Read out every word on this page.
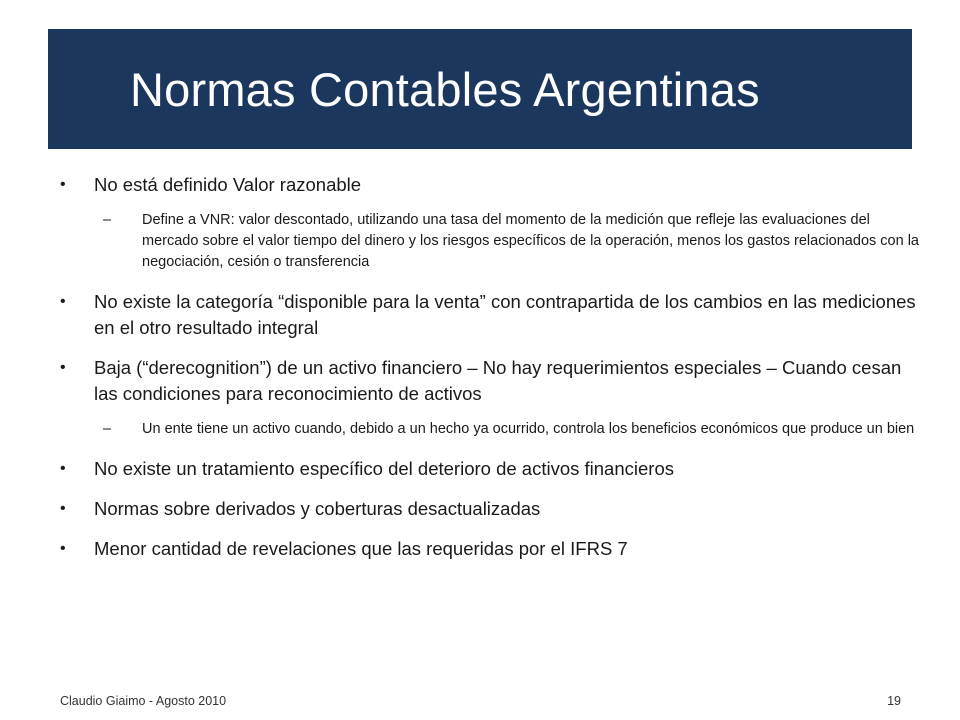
Normas Contables Argentinas
• No está definido Valor razonable
– Define a VNR: valor descontado, utilizando una tasa del momento de la medición que refleje las evaluaciones del mercado sobre el valor tiempo del dinero y los riesgos específicos de la operación, menos los gastos relacionados con la negociación, cesión o transferencia
• No existe la categoría “disponible para la venta” con contrapartida de los cambios en las mediciones en el otro resultado integral
• Baja (“derecognition”) de un activo financiero – No hay requerimientos especiales – Cuando cesan las condiciones para reconocimiento de activos
– Un ente tiene un activo cuando, debido a un hecho ya ocurrido, controla los beneficios económicos que produce un bien
• No existe un tratamiento específico del deterioro de activos financieros
• Normas sobre derivados y coberturas desactualizadas
• Menor cantidad de revelaciones que las requeridas por el IFRS 7
Claudio Giaimo - Agosto 2010	19
